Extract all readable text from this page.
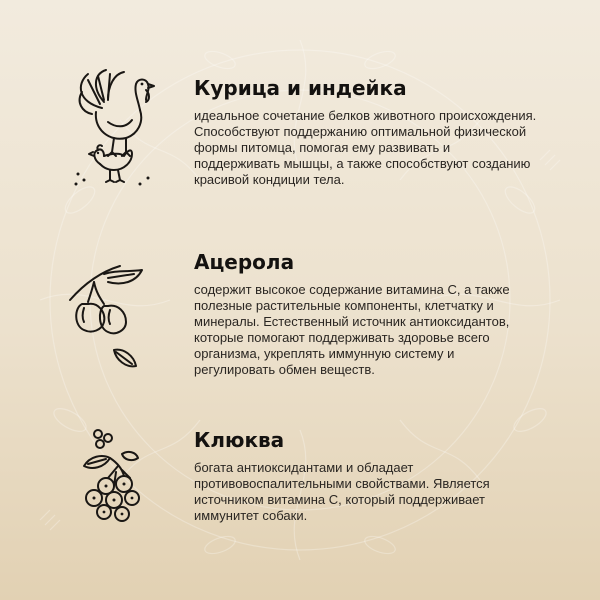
Курица и индейка

идеальное сочетание белков животного происхождения. Способствуют поддержанию оптимальной физической формы питомца, помогая ему развивать и поддерживать мышцы, а также способствуют созданию красивой кондиции тела.

Ацерола

содержит высокое содержание витамина С, а также полезные растительные компоненты, клетчатку и минералы. Естественный источник антиоксидантов, которые помогают поддерживать здоровье всего организма, укреплять иммунную систему и регулировать обмен веществ.

Клюква

богата антиоксидантами и обладает противовоспалительными свойствами. Является источником витамина С, который поддерживает иммунитет собаки.
